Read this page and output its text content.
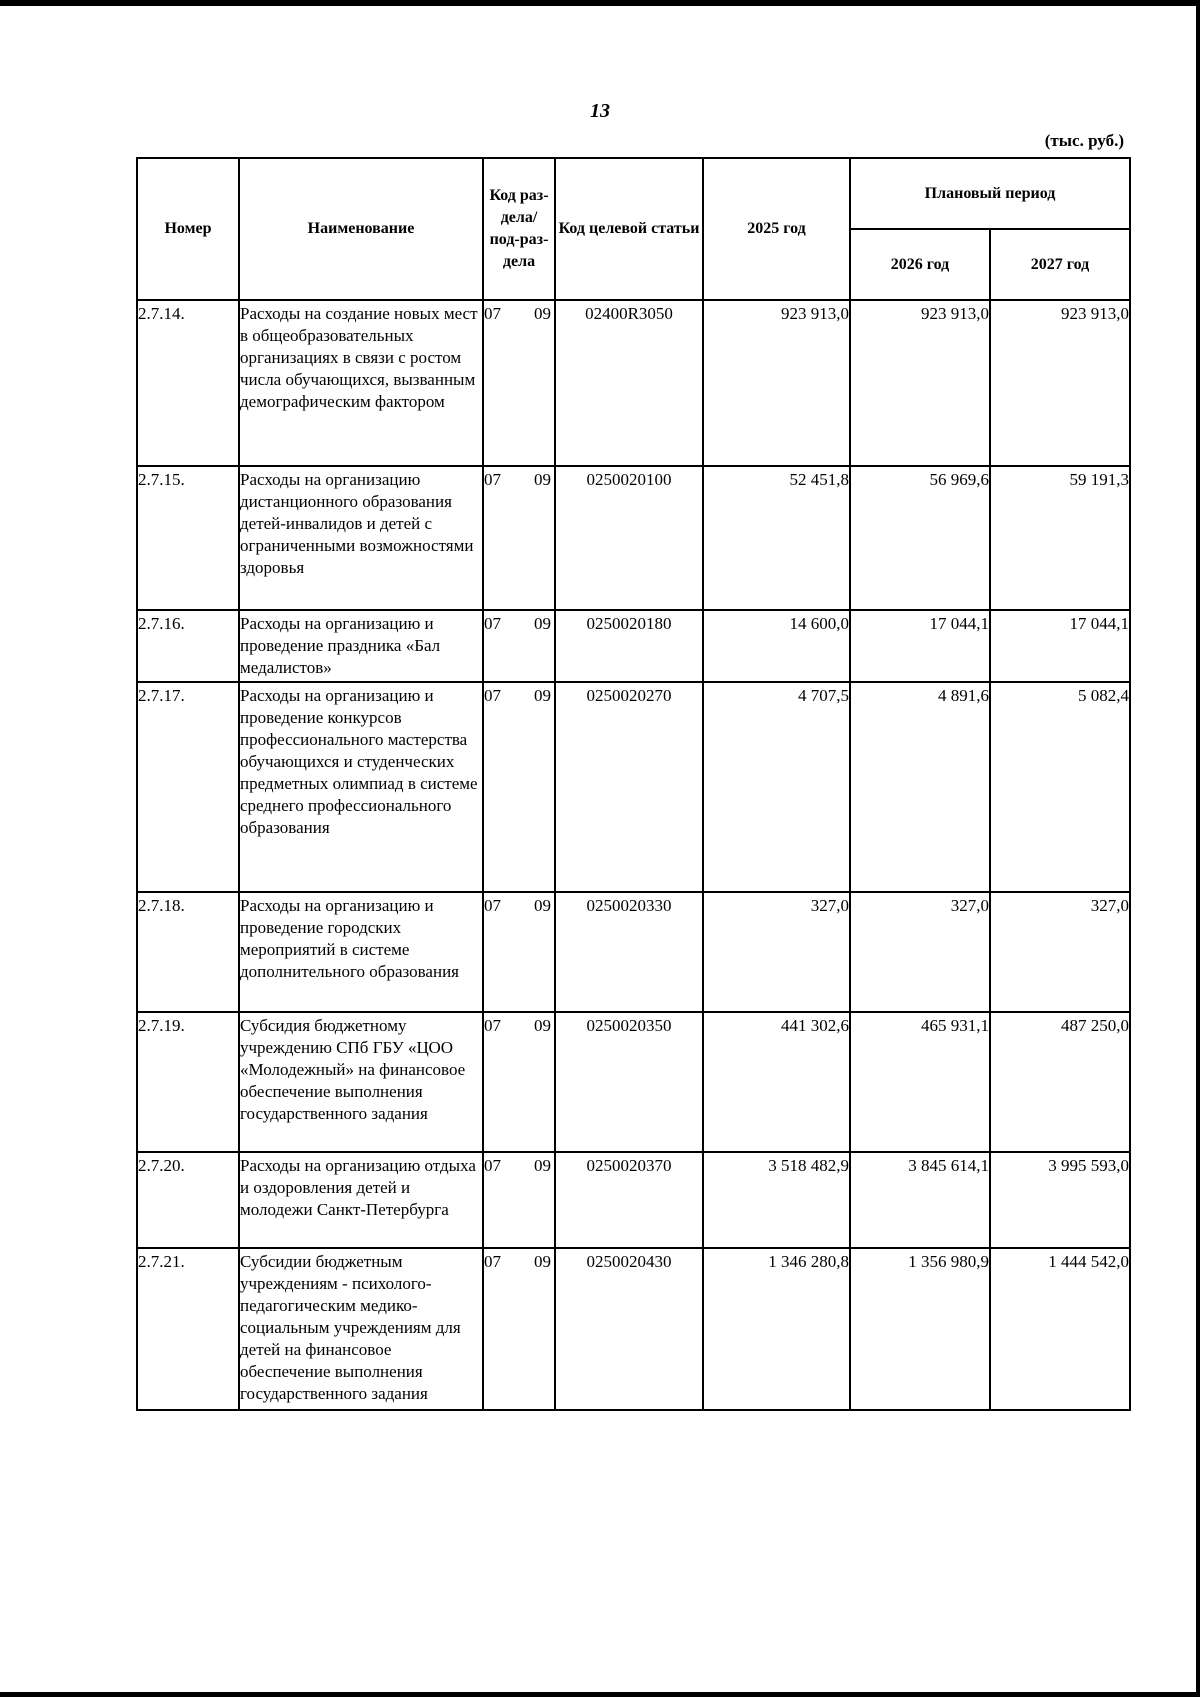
13
(тыс. руб.)
Номер	Наименование	Код раз-дела/ под-раз-дела	Код целевой статьи	2025 год	Плановый период	
					2026 год	2027 год
2.7.14.	Расходы на создание новых мест в общеобразовательных организациях в связи с ростом числа обучающихся, вызванным демографическим фактором	07 09	02400R3050	923 913,0	923 913,0	923 913,0
2.7.15.	Расходы на организацию дистанционного образования детей-инвалидов и детей с ограниченными возможностями здоровья	07 09	0250020100	52 451,8	56 969,6	59 191,3
2.7.16.	Расходы на организацию и проведение праздника «Бал медалистов»	07 09	0250020180	14 600,0	17 044,1	17 044,1
2.7.17.	Расходы на организацию и проведение конкурсов профессионального мастерства обучающихся и студенческих предметных олимпиад в системе среднего профессионального образования	07 09	0250020270	4 707,5	4 891,6	5 082,4
2.7.18.	Расходы на организацию и проведение городских мероприятий в системе дополнительного образования	07 09	0250020330	327,0	327,0	327,0
2.7.19.	Субсидия бюджетному учреждению СПб ГБУ «ЦОО «Молодежный» на финансовое обеспечение выполнения государственного задания	07 09	0250020350	441 302,6	465 931,1	487 250,0
2.7.20.	Расходы на организацию отдыха и оздоровления детей и молодежи Санкт-Петербурга	07 09	0250020370	3 518 482,9	3 845 614,1	3 995 593,0
2.7.21.	Субсидии бюджетным учреждениям - психолого-педагогическим медико-социальным учреждениям для детей на финансовое обеспечение выполнения государственного задания	07 09	0250020430	1 346 280,8	1 356 980,9	1 444 542,0
